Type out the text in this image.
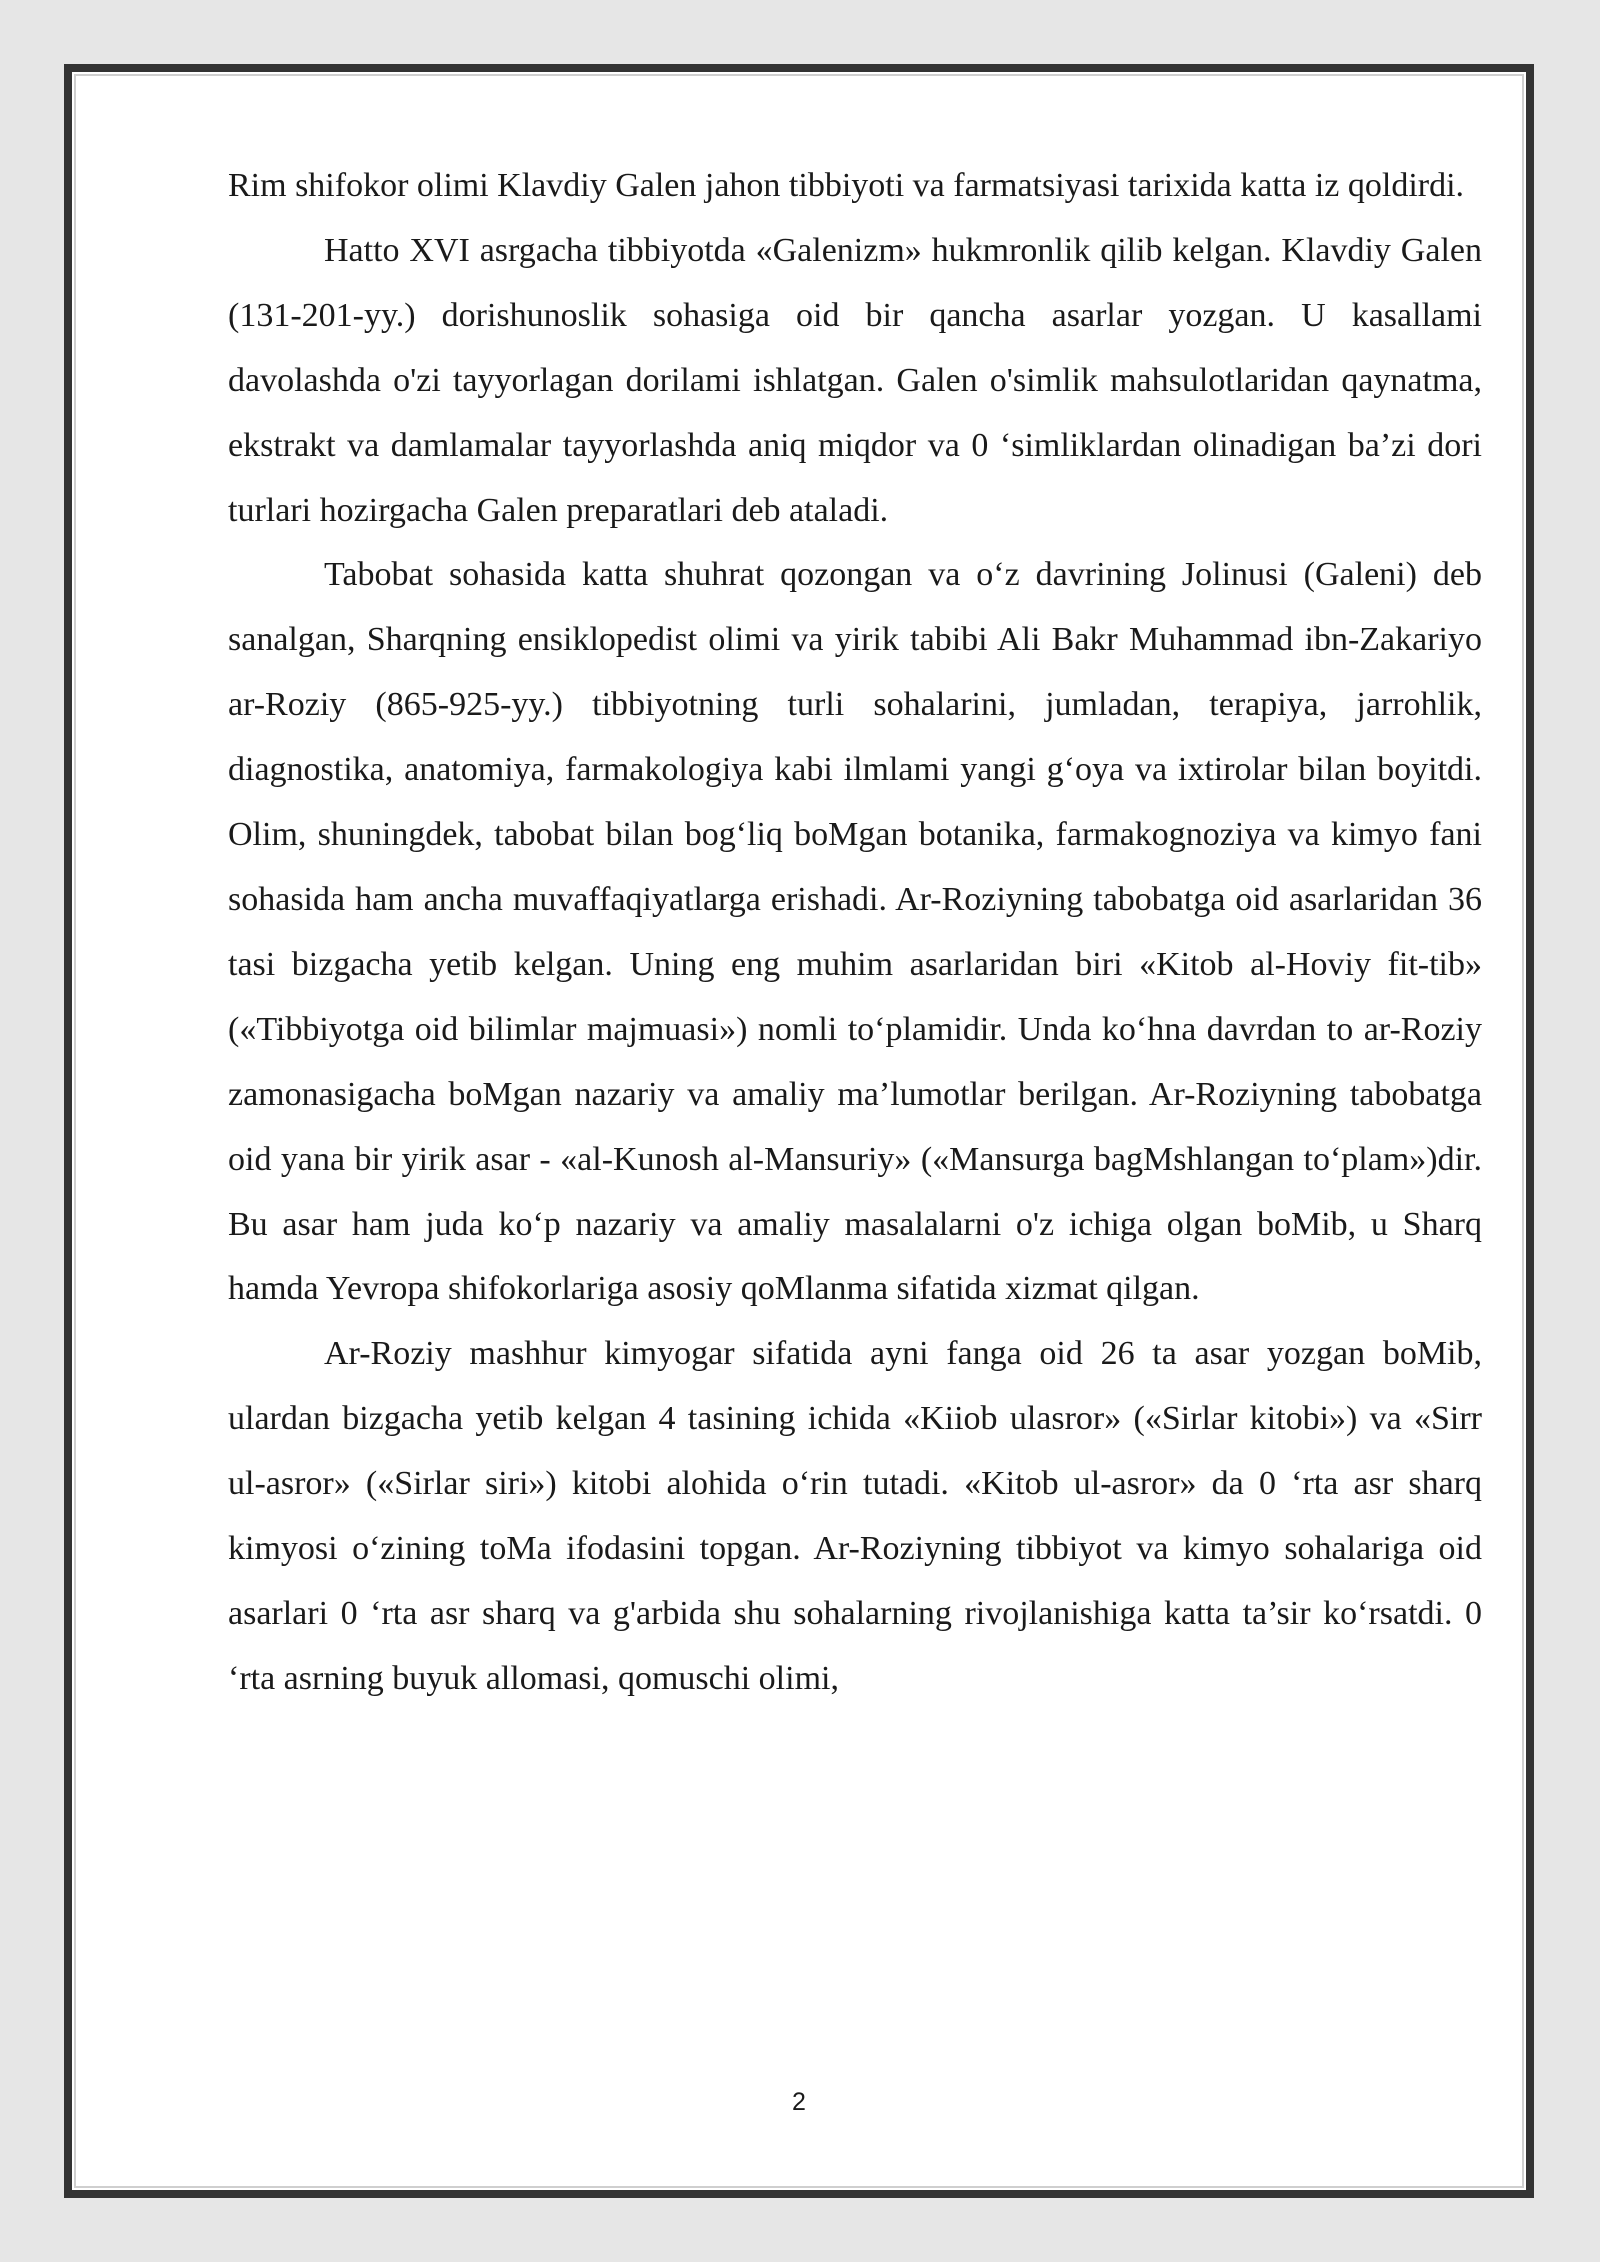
Rim shifokor olimi Klavdiy Galen jahon tibbiyoti va farmatsiyasi tarixida katta iz qoldirdi.

Hatto XVI asrgacha tibbiyotda «Galenizm» hukmronlik qilib kelgan. Klavdiy Galen (131-201-yy.) dorishunoslik sohasiga oid bir qancha asarlar yozgan. U kasallami davolashda o'zi tayyorlagan dorilami ishlatgan. Galen o'simlik mahsulotlaridan qaynatma, ekstrakt va damlamalar tayyorlashda aniq miqdor va 0 ‘simliklardan olinadigan ba’zi dori turlari hozirgacha Galen preparatlari deb ataladi.

Tabobat sohasida katta shuhrat qozongan va o‘z davrining Jolinusi (Galeni) deb sanalgan, Sharqning ensiklopedist olimi va yirik tabibi Ali Bakr Muhammad ibn-Zakariyo ar-Roziy (865-925-yy.) tibbiyotning turli sohalarini, jumladan, terapiya, jarrohlik, diagnostika, anatomiya, farmakologiya kabi ilmlami yangi g‘oya va ixtirolar bilan boyitdi. Olim, shuningdek, tabobat bilan bog‘liq boMgan botanika, farmakognoziya va kimyo fani sohasida ham ancha muvaffaqiyatlarga erishadi. Ar-Roziyning tabobatga oid asarlaridan 36 tasi bizgacha yetib kelgan. Uning eng muhim asarlaridan biri «Kitob al-Hoviy fit-tib» («Tibbiyotga oid bilimlar majmuasi») nomli to‘plamidir. Unda ko‘hna davrdan to ar-Roziy zamonasigacha boMgan nazariy va amaliy ma’lumotlar berilgan. Ar-Roziyning tabobatga oid yana bir yirik asar - «al-Kunosh al-Mansuriy» («Mansurga bagMshlangan to‘plam»)dir. Bu asar ham juda ko‘p nazariy va amaliy masalalarni o'z ichiga olgan boMib, u Sharq hamda Yevropa shifokorlariga asosiy qoMlanma sifatida xizmat qilgan.

Ar-Roziy mashhur kimyogar sifatida ayni fanga oid 26 ta asar yozgan boMib, ulardan bizgacha yetib kelgan 4 tasining ichida «Kiiob ulasror» («Sirlar kitobi») va «Sirr ul-asror» («Sirlar siri») kitobi alohida o‘rin tutadi. «Kitob ul-asror» da 0 ‘rta asr sharq kimyosi o‘zining toMa ifodasini topgan. Ar-Roziyning tibbiyot va kimyo sohalariga oid asarlari 0 ‘rta asr sharq va g'arbida shu sohalarning rivojlanishiga katta ta’sir ko‘rsatdi. 0 ‘rta asrning buyuk allomasi, qomuschi olimi,

2
